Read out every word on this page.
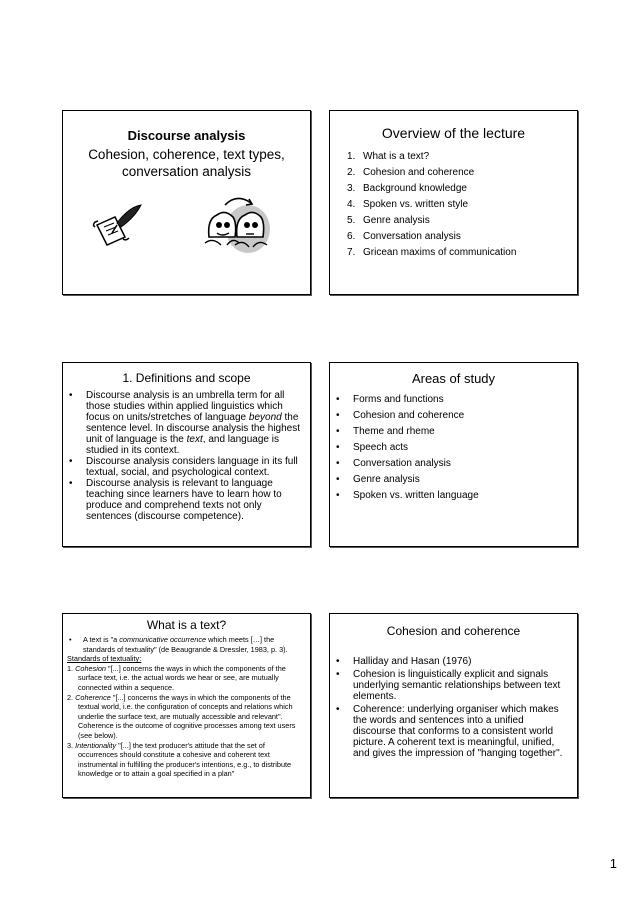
Discourse analysis
Cohesion, coherence, text types, conversation analysis
Overview of the lecture
1. What is a text?
2. Cohesion and coherence
3. Background knowledge
4. Spoken vs. written style
5. Genre analysis
6. Conversation analysis
7. Gricean maxims of communication
1. Definitions and scope
•	Discourse analysis is an umbrella term for all those studies within applied linguistics which focus on units/stretches of language beyond the sentence level. In discourse analysis the highest unit of language is the text, and language is studied in its context.
•	Discourse analysis considers language in its full textual, social, and psychological context.
•	Discourse analysis is relevant to language teaching since learners have to learn how to produce and comprehend texts not only sentences (discourse competence).
Areas of study
•	Forms and functions
•	Cohesion and coherence
•	Theme and rheme
•	Speech acts
•	Conversation analysis
•	Genre analysis
•	Spoken vs. written language
What is a text?
•	A text is "a communicative occurrence which meets […] the standards of textuality" (de Beaugrande & Dressler, 1983, p. 3).
Standards of textuality:
1. Cohesion "[...] concerns the ways in which the components of the surface text, i.e. the actual words we hear or see, are mutually connected within a sequence.
2. Coherence "[...] concerns the ways in which the components of the textual world, i.e. the configuration of concepts and relations which underlie the surface text, are mutually accessible and relevant". Coherence is the outcome of cognitive processes among text users (see below).
3. Intentionality "[...] the text producer's attitude that the set of occurrences should constitute a cohesive and coherent text instrumental in fulfilling the producer's intentions, e.g., to distribute knowledge or to attain a goal specified in a plan"
Cohesion and coherence
•	Halliday and Hasan (1976)
•	Cohesion is linguistically explicit and signals underlying semantic relationships between text elements.
•	Coherence: underlying organiser which makes the words and sentences into a unified discourse that conforms to a consistent world picture. A coherent text is meaningful, unified, and gives the impression of "hanging together".
1
